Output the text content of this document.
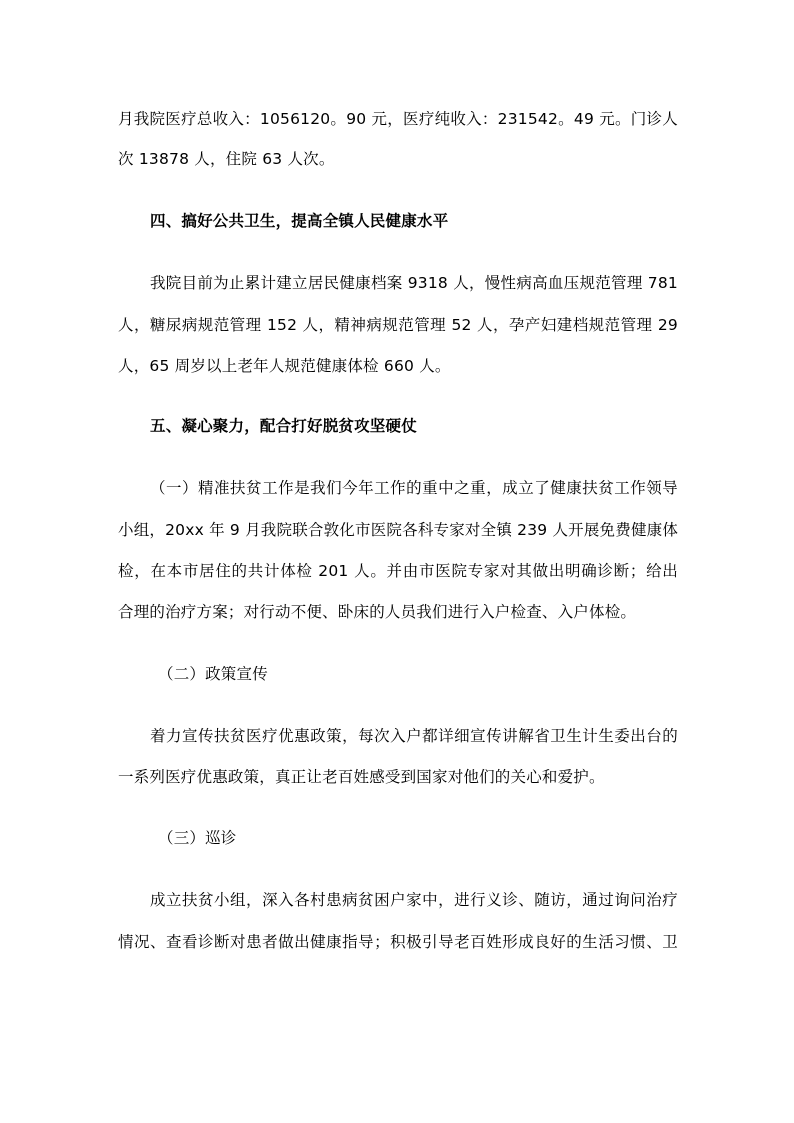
月我院医疗总收入：1056120。90 元，医疗纯收入：231542。49 元。门诊人
次 13878 人，住院 63 人次。
四、搞好公共卫生，提高全镇人民健康水平
我院目前为止累计建立居民健康档案 9318 人，慢性病高血压规范管理 781
人，糖尿病规范管理 152 人，精神病规范管理 52 人，孕产妇建档规范管理 29
人，65 周岁以上老年人规范健康体检 660 人。
五、凝心聚力，配合打好脱贫攻坚硬仗
（一）精准扶贫工作是我们今年工作的重中之重，成立了健康扶贫工作领导
小组，20xx 年 9 月我院联合敦化市医院各科专家对全镇 239 人开展免费健康体
检，在本市居住的共计体检 201 人。并由市医院专家对其做出明确诊断；给出
合理的治疗方案；对行动不便、卧床的人员我们进行入户检查、入户体检。
（二）政策宣传
着力宣传扶贫医疗优惠政策，每次入户都详细宣传讲解省卫生计生委出台的
一系列医疗优惠政策，真正让老百姓感受到国家对他们的关心和爱护。
（三）巡诊
成立扶贫小组，深入各村患病贫困户家中，进行义诊、随访，通过询问治疗
情况、查看诊断对患者做出健康指导；积极引导老百姓形成良好的生活习惯、卫
